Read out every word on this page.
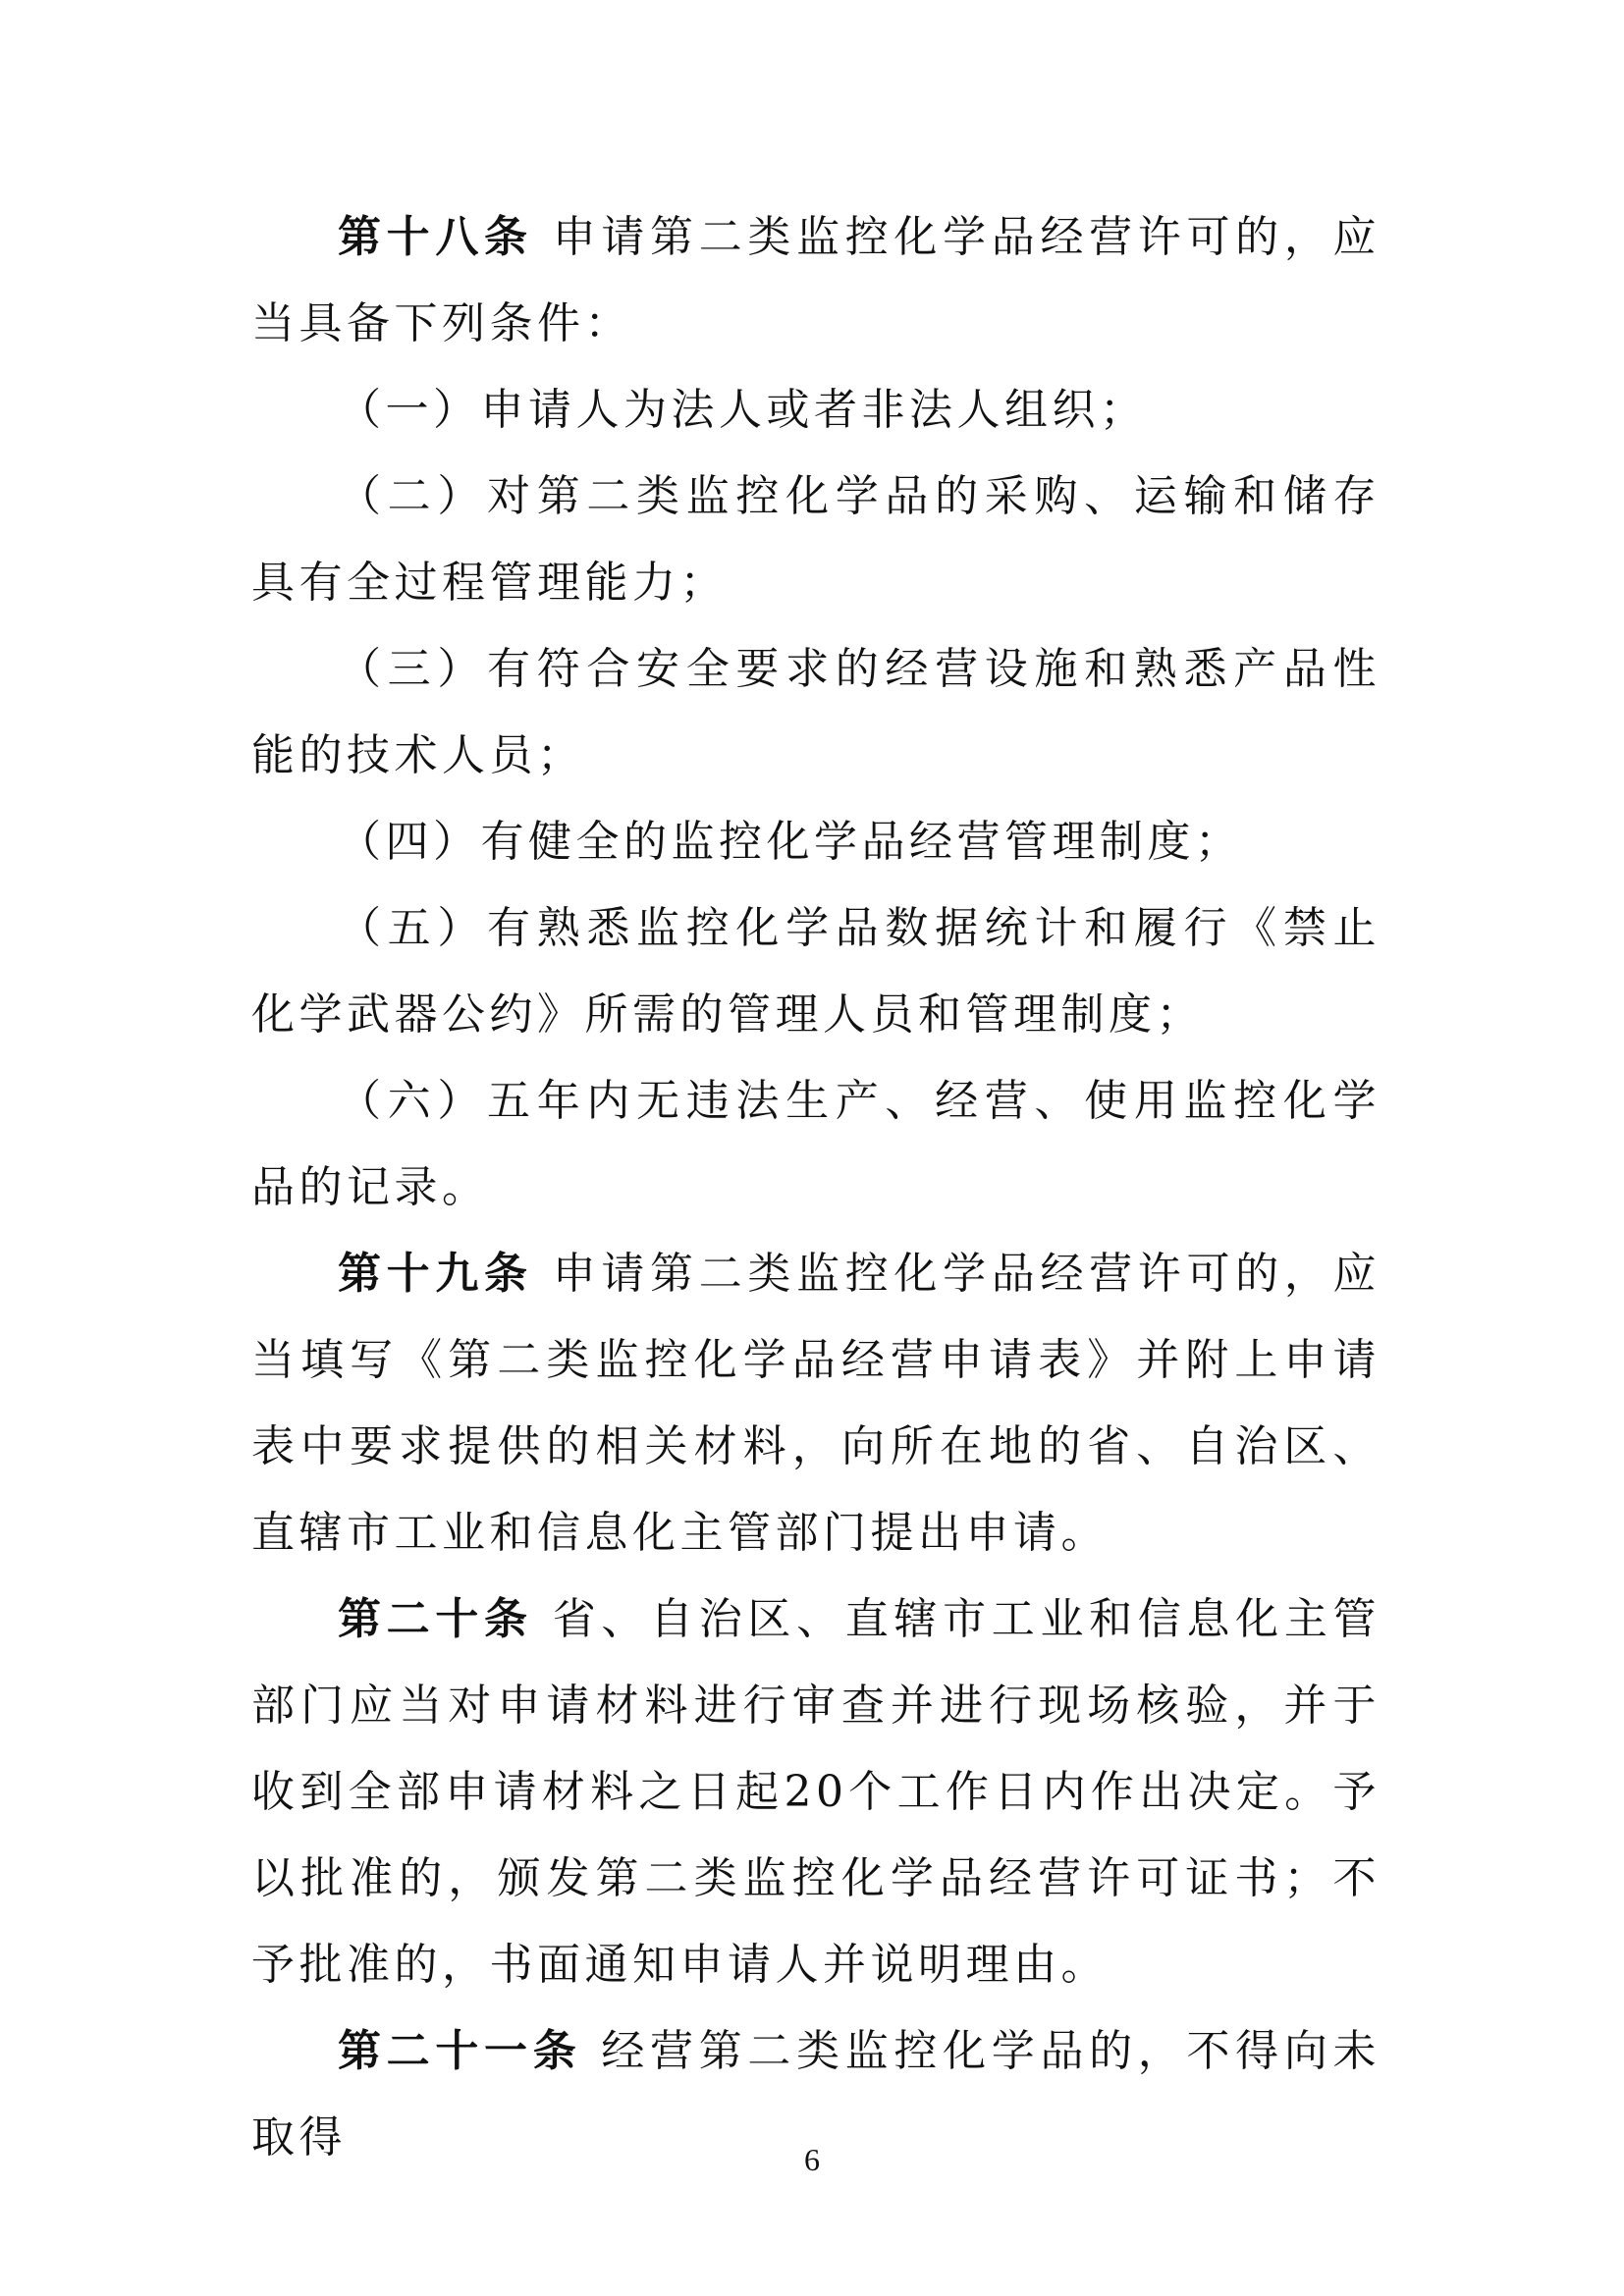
第十八条 申请第二类监控化学品经营许可的，应当具备下列条件：

（一）申请人为法人或者非法人组织；

（二）对第二类监控化学品的采购、运输和储存具有全过程管理能力；

（三）有符合安全要求的经营设施和熟悉产品性能的技术人员；

（四）有健全的监控化学品经营管理制度；

（五）有熟悉监控化学品数据统计和履行《禁止化学武器公约》所需的管理人员和管理制度；

（六）五年内无违法生产、经营、使用监控化学品的记录。

第十九条 申请第二类监控化学品经营许可的，应当填写《第二类监控化学品经营申请表》并附上申请表中要求提供的相关材料，向所在地的省、自治区、直辖市工业和信息化主管部门提出申请。

第二十条 省、自治区、直辖市工业和信息化主管部门应当对申请材料进行审查并进行现场核验，并于收到全部申请材料之日起20个工作日内作出决定。予以批准的，颁发第二类监控化学品经营许可证书；不予批准的，书面通知申请人并说明理由。

第二十一条 经营第二类监控化学品的，不得向未取得	6
